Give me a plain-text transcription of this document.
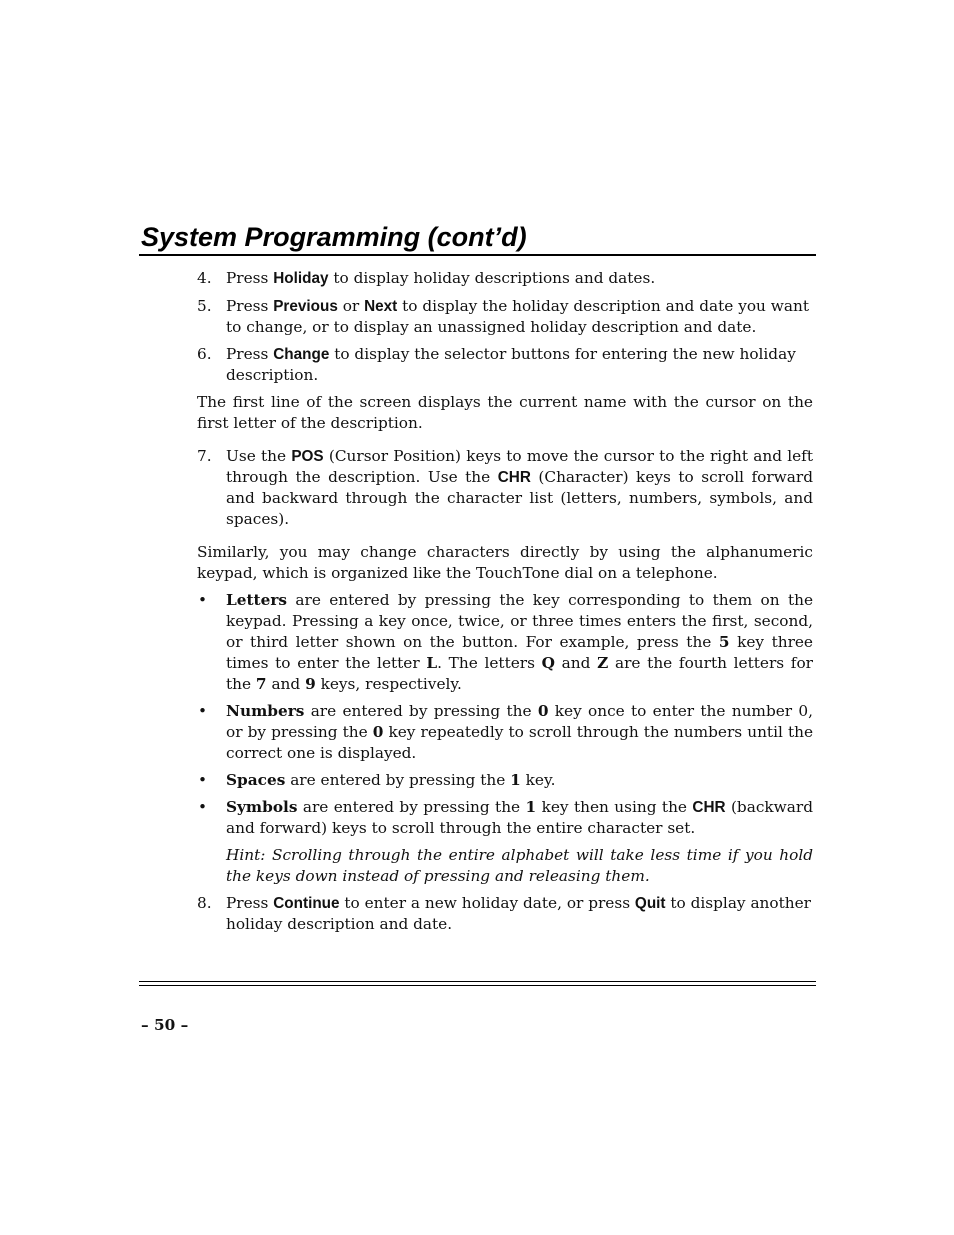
System Programming (cont’d)
4. Press Holiday to display holiday descriptions and dates.
5. Press Previous or Next to display the holiday description and date you want to change, or to display an unassigned holiday description and date.
6. Press Change to display the selector buttons for entering the new holiday description.

The first line of the screen displays the current name with the cursor on the first letter of the description.

7. Use the POS (Cursor Position) keys to move the cursor to the right and left through the description. Use the CHR (Character) keys to scroll forward and backward through the character list (letters, numbers, symbols, and spaces).

Similarly, you may change characters directly by using the alphanumeric keypad, which is organized like the TouchTone dial on a telephone.

• Letters are entered by pressing the key corresponding to them on the keypad. Pressing a key once, twice, or three times enters the first, second, or third letter shown on the button. For example, press the 5 key three times to enter the letter L. The letters Q and Z are the fourth letters for the 7 and 9 keys, respectively.
• Numbers are entered by pressing the 0 key once to enter the number 0, or by pressing the 0 key repeatedly to scroll through the numbers until the correct one is displayed.
• Spaces are entered by pressing the 1 key.
• Symbols are entered by pressing the 1 key then using the CHR (backward and forward) keys to scroll through the entire character set.

Hint: Scrolling through the entire alphabet will take less time if you hold the keys down instead of pressing and releasing them.

8. Press Continue to enter a new holiday date, or press Quit to display another holiday description and date.
– 50 –
